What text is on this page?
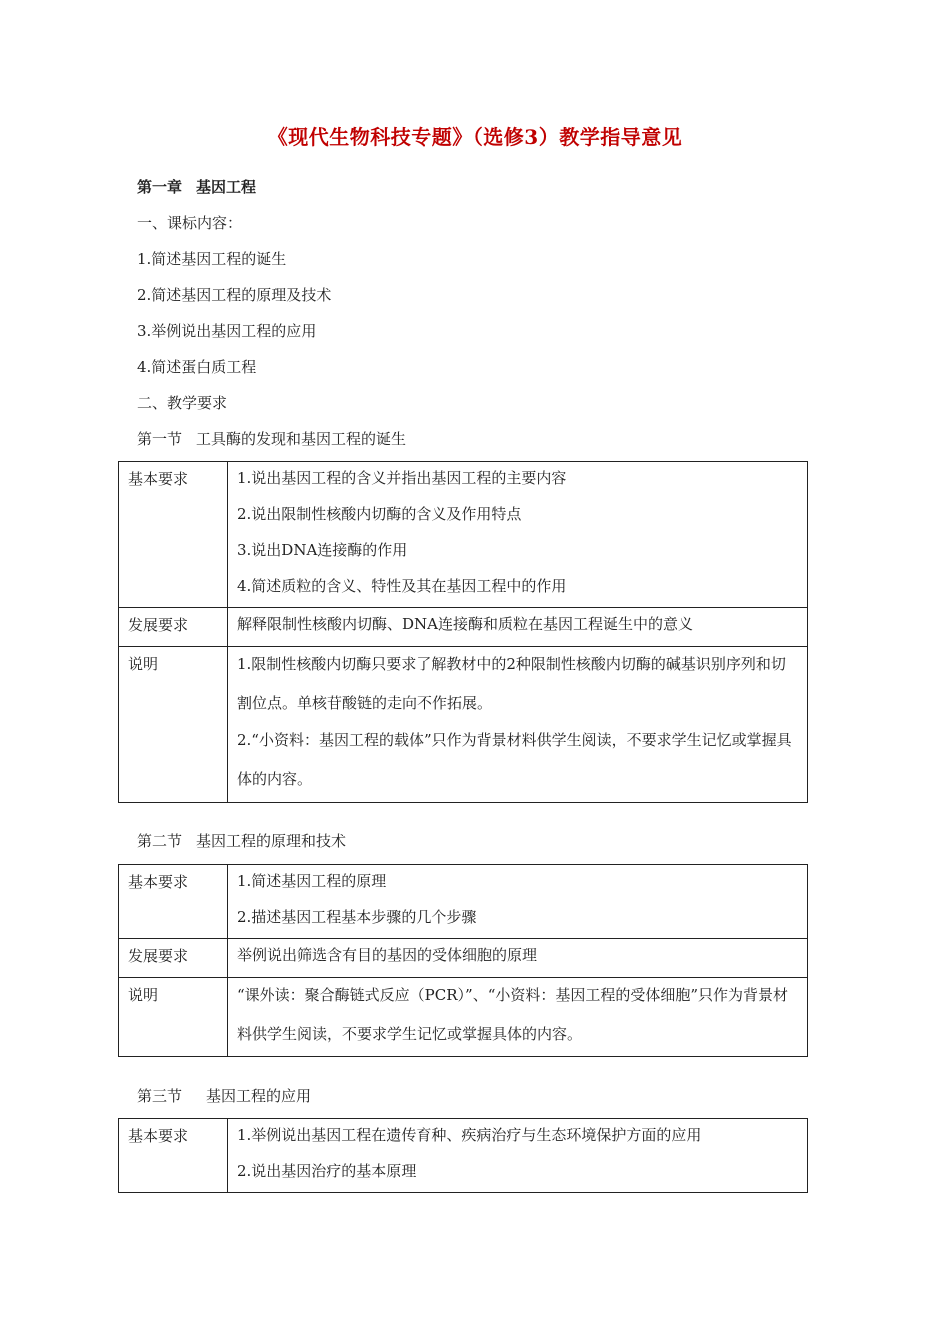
《现代生物科技专题》（选修3）教学指导意见
第一章 基因工程
一、课标内容：
1.简述基因工程的诞生
2.简述基因工程的原理及技术
3.举例说出基因工程的应用
4.简述蛋白质工程
二、教学要求
第一节 工具酶的发现和基因工程的诞生
基本要求	1.说出基因工程的含义并指出基因工程的主要内容
2.说出限制性核酸内切酶的含义及作用特点
3.说出DNA连接酶的作用
4.简述质粒的含义、特性及其在基因工程中的作用

发展要求	解释限制性核酸内切酶、DNA连接酶和质粒在基因工程诞生中的意义

说明	1.限制性核酸内切酶只要求了解教材中的2种限制性核酸内切酶的碱基识别序列和切割位点。单核苷酸链的走向不作拓展。
2.“小资料：基因工程的载体”只作为背景材料供学生阅读，不要求学生记忆或掌握具体的内容。
第二节 基因工程的原理和技术
基本要求	1.简述基因工程的原理
2.描述基因工程基本步骤的几个步骤

发展要求	举例说出筛选含有目的基因的受体细胞的原理

说明	“课外读：聚合酶链式反应（PCR）”、“小资料：基因工程的受体细胞”只作为背景材料供学生阅读，不要求学生记忆或掌握具体的内容。
第三节 基因工程的应用
基本要求	1.举例说出基因工程在遗传育种、疾病治疗与生态环境保护方面的应用
2.说出基因治疗的基本原理
